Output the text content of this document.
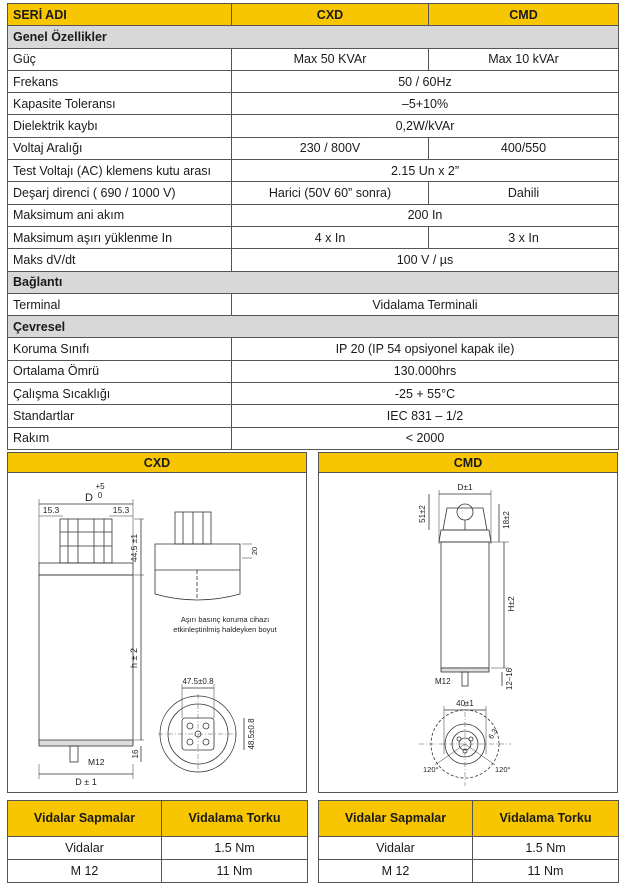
SERİ ADI	CXD	CMD
Genel Özellikler		
Güç	Max 50 KVAr	Max 10 kVAr
Frekans	50 / 60Hz	
Kapasite Toleransı	–5+10%	
Dielektrik kaybı	0,2W/kVAr	
Voltaj Aralığı	230 / 800V	400/550
Test Voltajı (AC) klemens kutu arası	2.15 Un x 2”	
Deşarj direnci ( 690 / 1000 V)	Harici (50V 60” sonra)	Dahili
Maksimum ani akım	200 In	
Maksimum aşırı yüklenme In	4 x In	3 x In
Maks dV/dt	100 V / µs	
Bağlantı		
Terminal	Vidalama Terminali	
Çevresel		
Koruma Sınıfı	IP 20 (IP 54 opsiyonel kapak ile)	
Ortalama Ömrü	130.000hrs	
Çalışma Sıcaklığı	-25 + 55°C	
Standartlar	IEC 831 – 1/2	
Rakım	< 2000	
CXD
D
+5
0
15.3	15.3
44.5 ±1
h ± 2
16
M12
D ± 1
20
Aşırı basınç koruma cihazı
etkinleştirilmiş haldeyken boyut
47.5±0.8
48.5±0.8
CMD
D±1
51±2	18±2
H±2
M12	12–16
40±1
6.3
120°	120°
Vidalar Sapmalar	Vidalama Torku
Vidalar	1.5 Nm
M 12	11 Nm
Vidalar Sapmalar	Vidalama Torku
Vidalar	1.5 Nm
M 12	11 Nm
